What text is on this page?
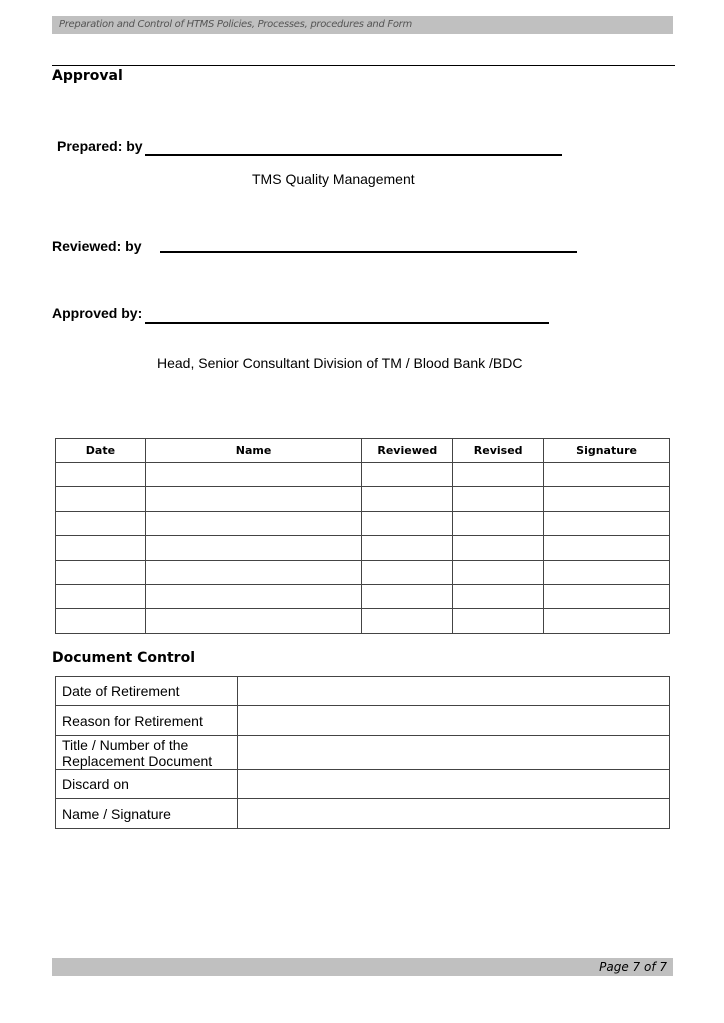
Preparation and Control of HTMS Policies, Processes, procedures and Form
Approval
Prepared: by
TMS Quality Management
Reviewed: by
Approved by:
Head, Senior Consultant Division of TM / Blood Bank /BDC
Date	Name	Reviewed	Revised	Signature

Document Control
Date of Retirement	
Reason for Retirement	
Title / Number of the Replacement Document	
Discard on	
Name / Signature	
Page 7 of 7
